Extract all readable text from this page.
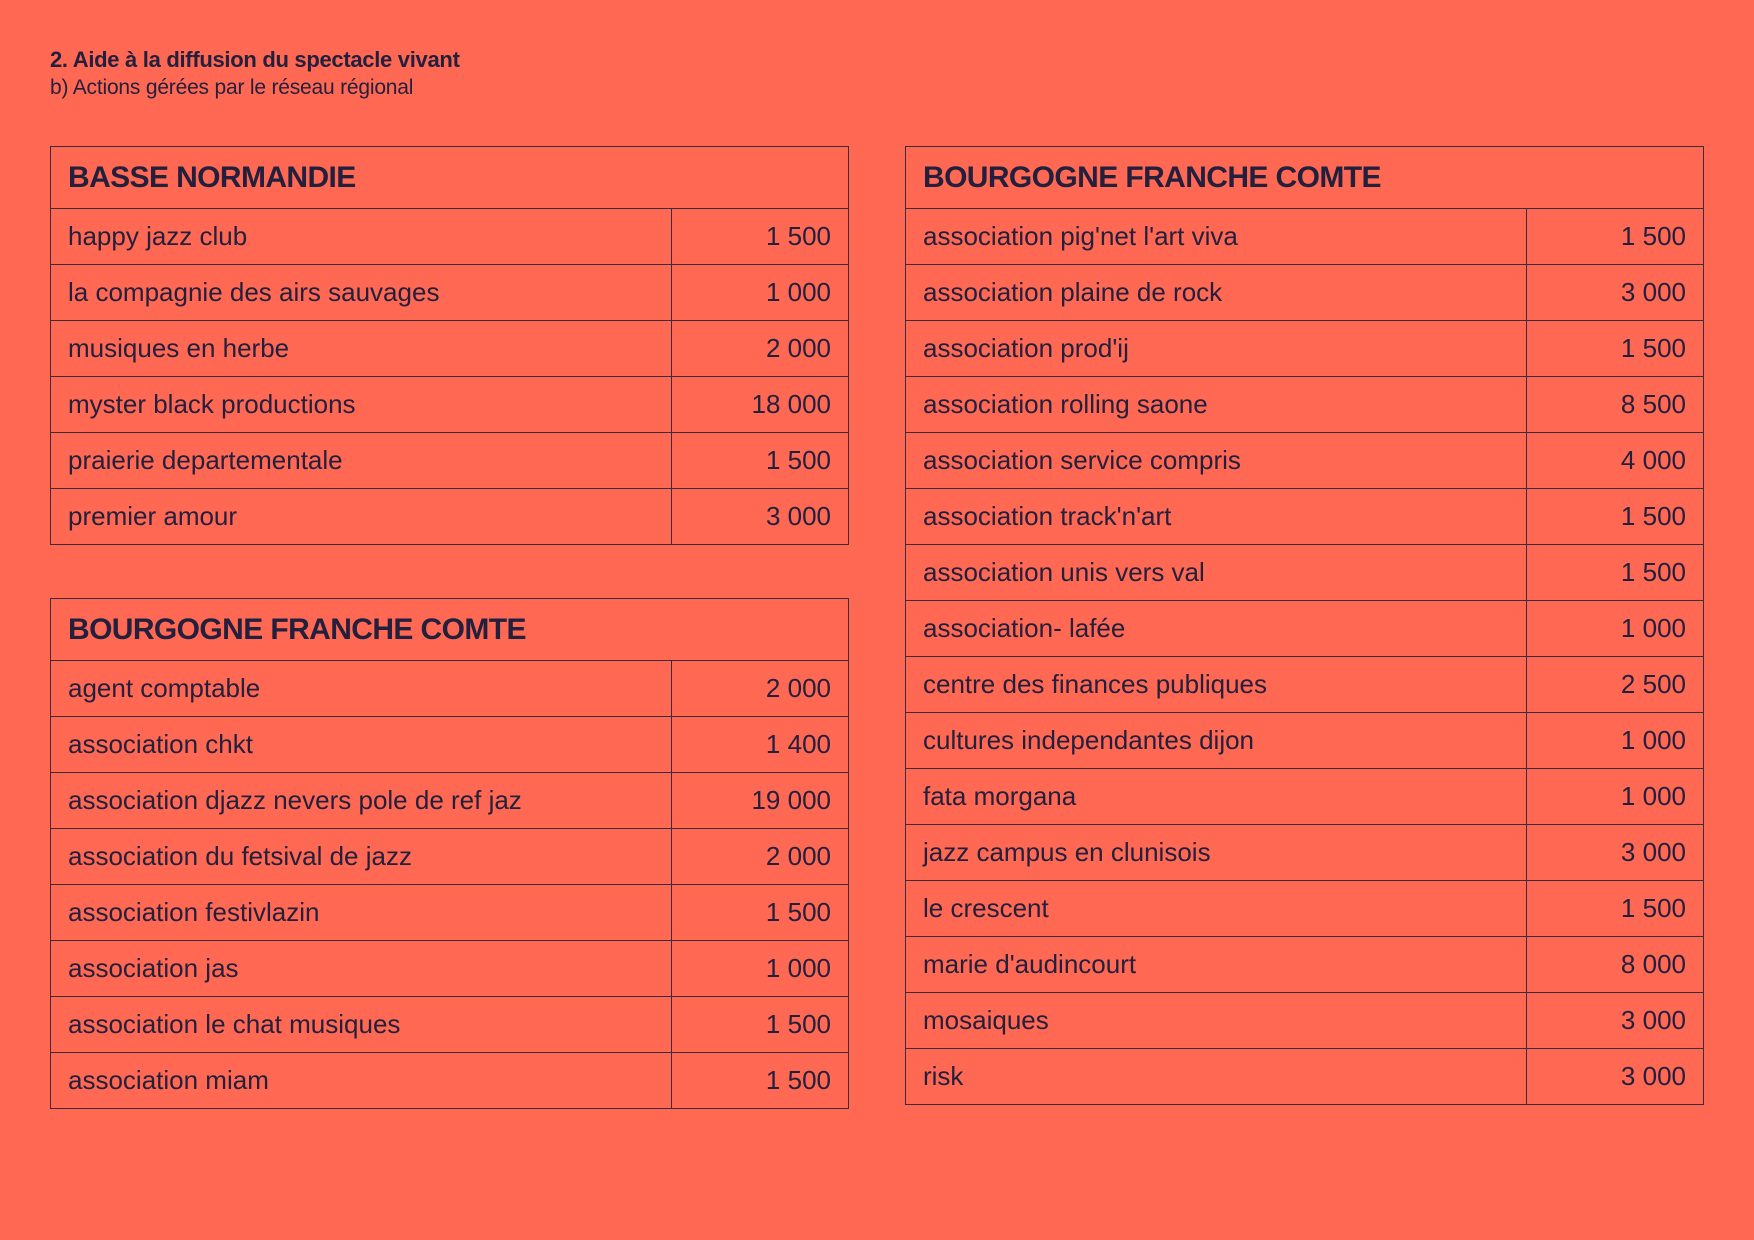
2. Aide à la diffusion du spectacle vivant
b) Actions gérées par le réseau régional
BASSE NORMANDIE	
happy jazz club	1 500
la compagnie des airs sauvages	1 000
musiques en herbe	2 000
myster black productions	18 000
praierie departementale	1 500
premier amour	3 000
BOURGOGNE FRANCHE COMTE	
agent comptable	2 000
association chkt	1 400
association djazz nevers pole de ref jaz	19 000
association du fetsival de jazz	2 000
association festivlazin	1 500
association jas	1 000
association le chat musiques	1 500
association miam	1 500
BOURGOGNE FRANCHE COMTE	
association pig'net l'art viva	1 500
association plaine de rock	3 000
association prod'ij	1 500
association rolling saone	8 500
association service compris	4 000
association track'n'art	1 500
association unis vers val	1 500
association- lafée	1 000
centre des finances publiques	2 500
cultures independantes dijon	1 000
fata morgana	1 000
jazz campus en clunisois	3 000
le crescent	1 500
marie d'audincourt	8 000
mosaiques	3 000
risk	3 000
